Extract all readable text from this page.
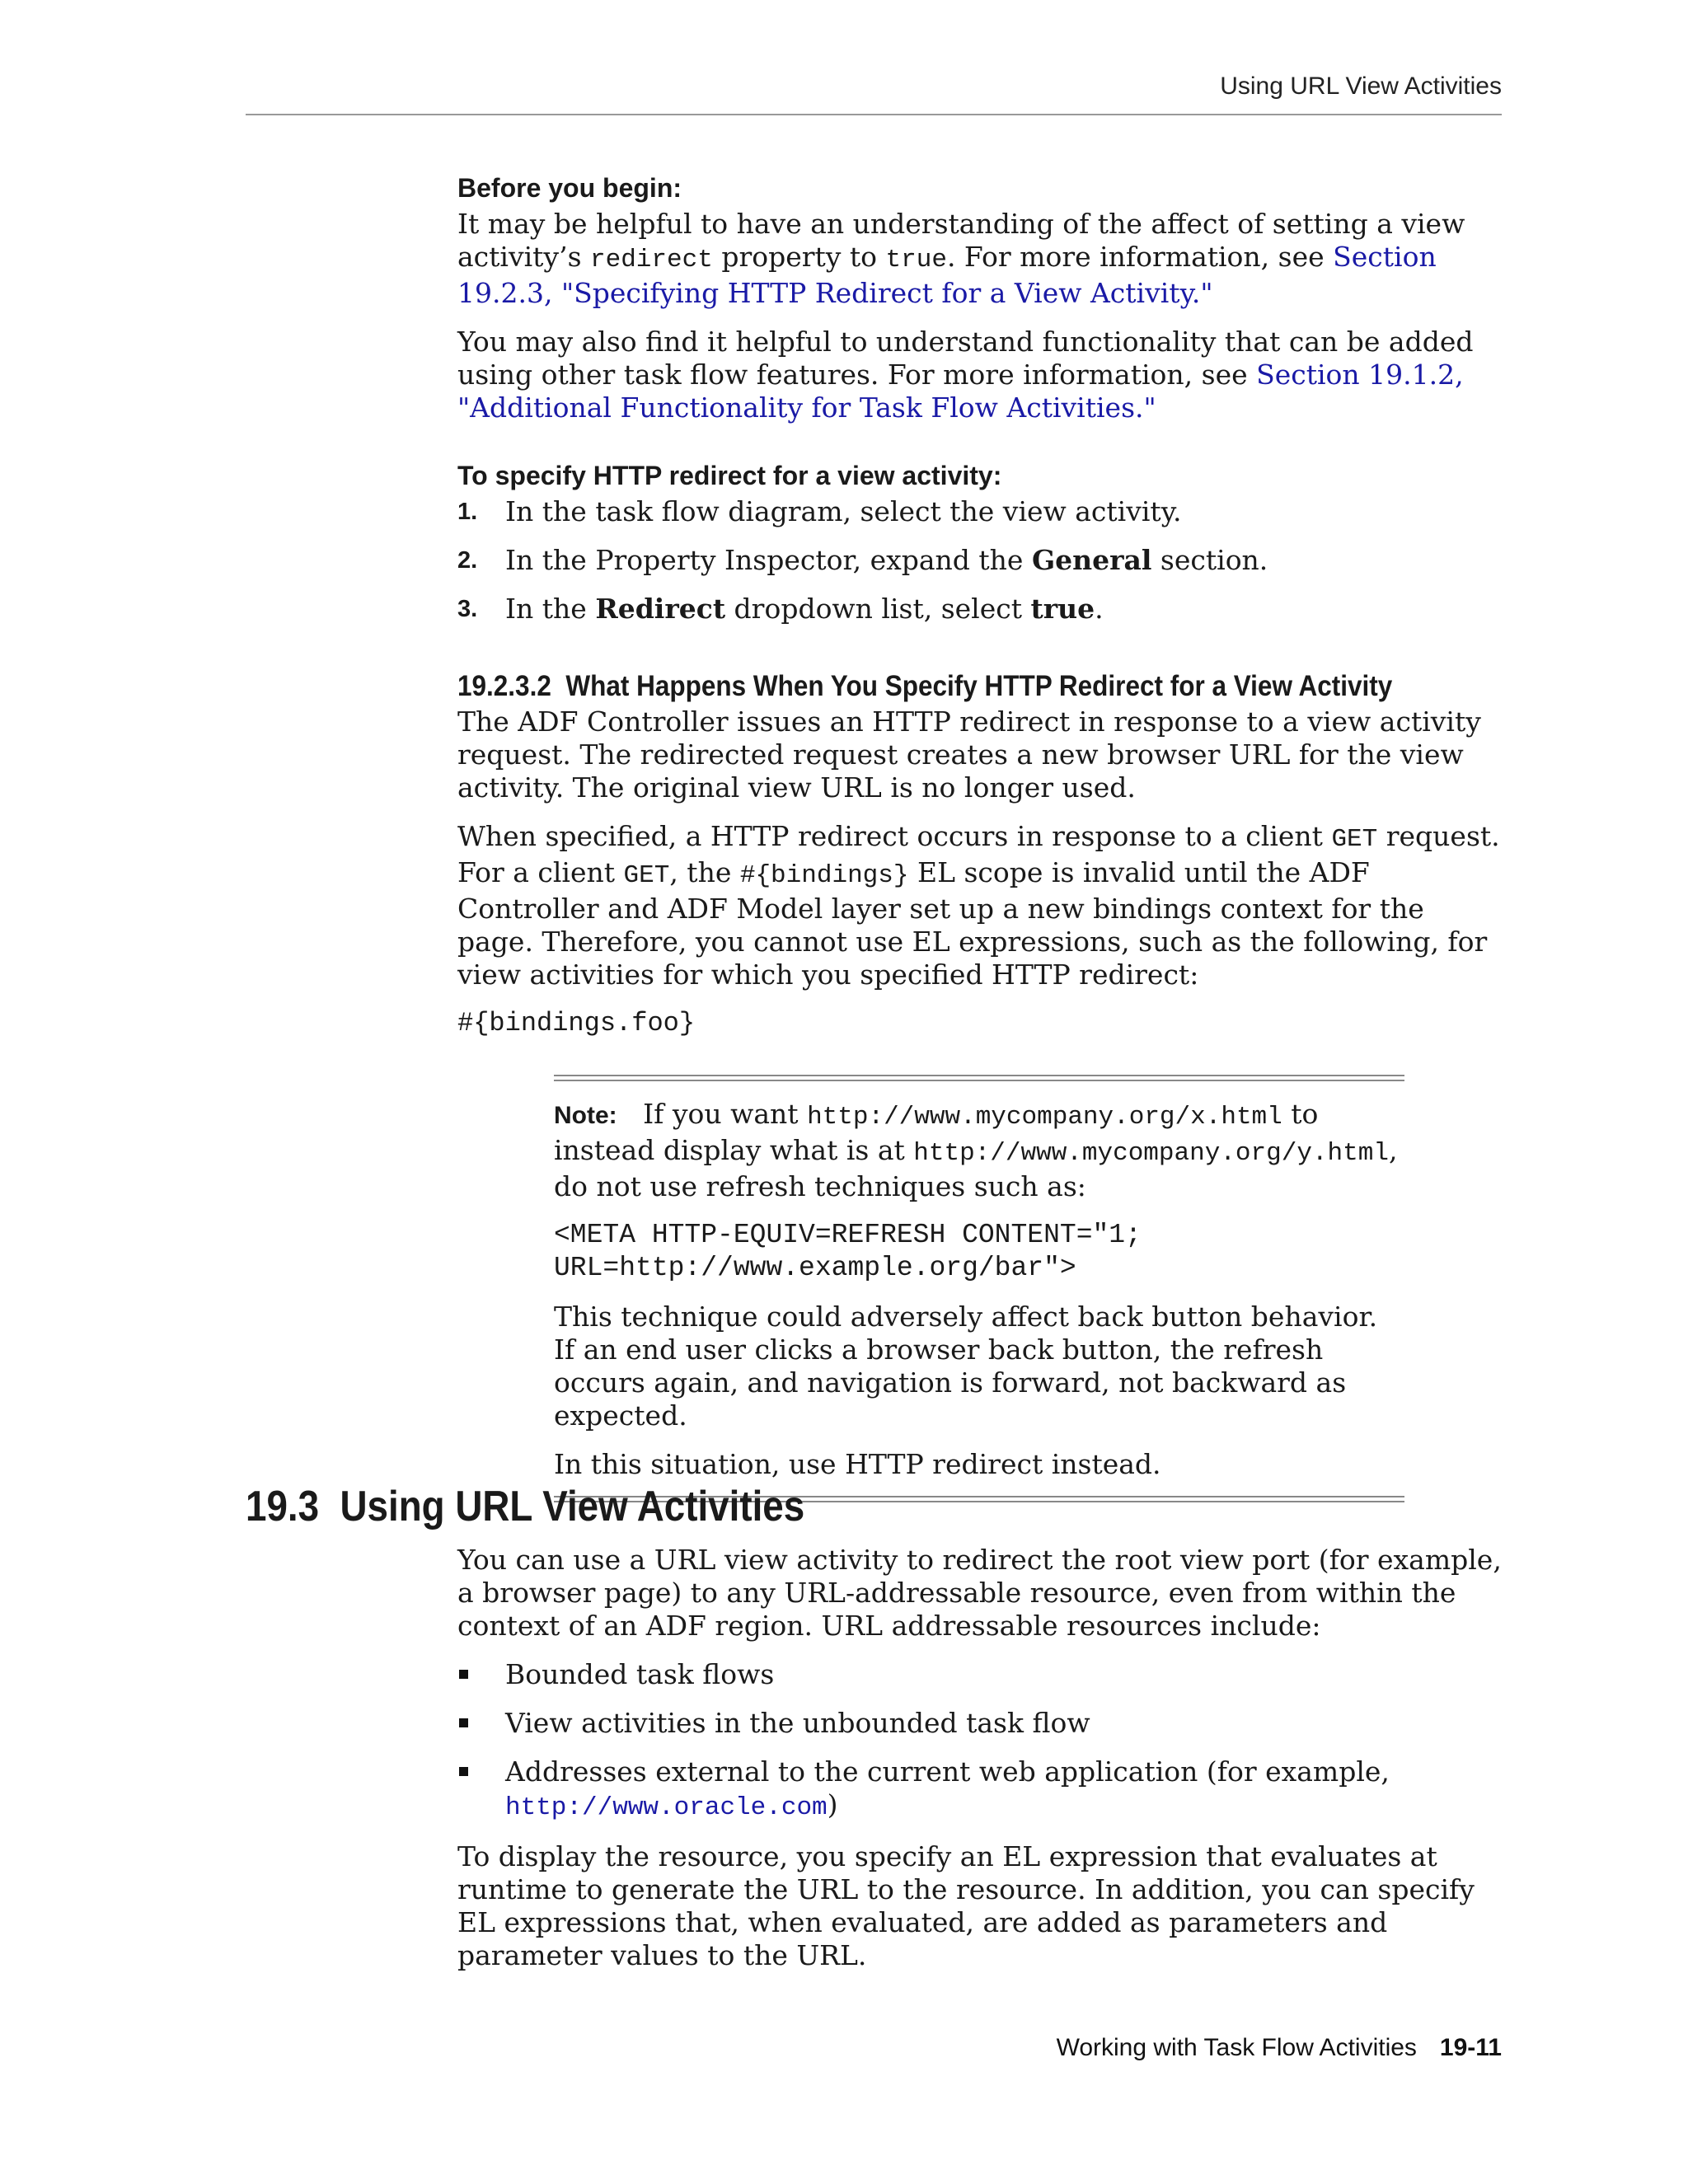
Using URL View Activities
Before you begin:

It may be helpful to have an understanding of the affect of setting a view activity’s redirect property to true. For more information, see Section 19.2.3, "Specifying HTTP Redirect for a View Activity."

You may also find it helpful to understand functionality that can be added using other task flow features. For more information, see Section 19.1.2, "Additional Functionality for Task Flow Activities."

To specify HTTP redirect for a view activity:
1. In the task flow diagram, select the view activity.
2. In the Property Inspector, expand the General section.
3. In the Redirect dropdown list, select true.
19.2.3.2 What Happens When You Specify HTTP Redirect for a View Activity

The ADF Controller issues an HTTP redirect in response to a view activity request. The redirected request creates a new browser URL for the view activity. The original view URL is no longer used.

When specified, a HTTP redirect occurs in response to a client GET request. For a client GET, the #{bindings} EL scope is invalid until the ADF Controller and ADF Model layer set up a new bindings context for the page. Therefore, you cannot use EL expressions, such as the following, for view activities for which you specified HTTP redirect:

#{bindings.foo}

Note: If you want http://www.mycompany.org/x.html to instead display what is at http://www.mycompany.org/y.html, do not use refresh techniques such as:

<META HTTP-EQUIV=REFRESH CONTENT="1;

URL=http://www.example.org/bar">

This technique could adversely affect back button behavior. If an end user clicks a browser back button, the refresh occurs again, and navigation is forward, not backward as expected.

In this situation, use HTTP redirect instead.

19.3 Using URL View Activities

You can use a URL view activity to redirect the root view port (for example, a browser page) to any URL-addressable resource, even from within the context of an ADF region. URL addressable resources include:

Bounded task flows
View activities in the unbounded task flow
Addresses external to the current web application (for example,
http://www.oracle.com)

To display the resource, you specify an EL expression that evaluates at runtime to generate the URL to the resource. In addition, you can specify EL expressions that, when evaluated, are added as parameters and parameter values to the URL.

Working with Task Flow Activities 19-11
